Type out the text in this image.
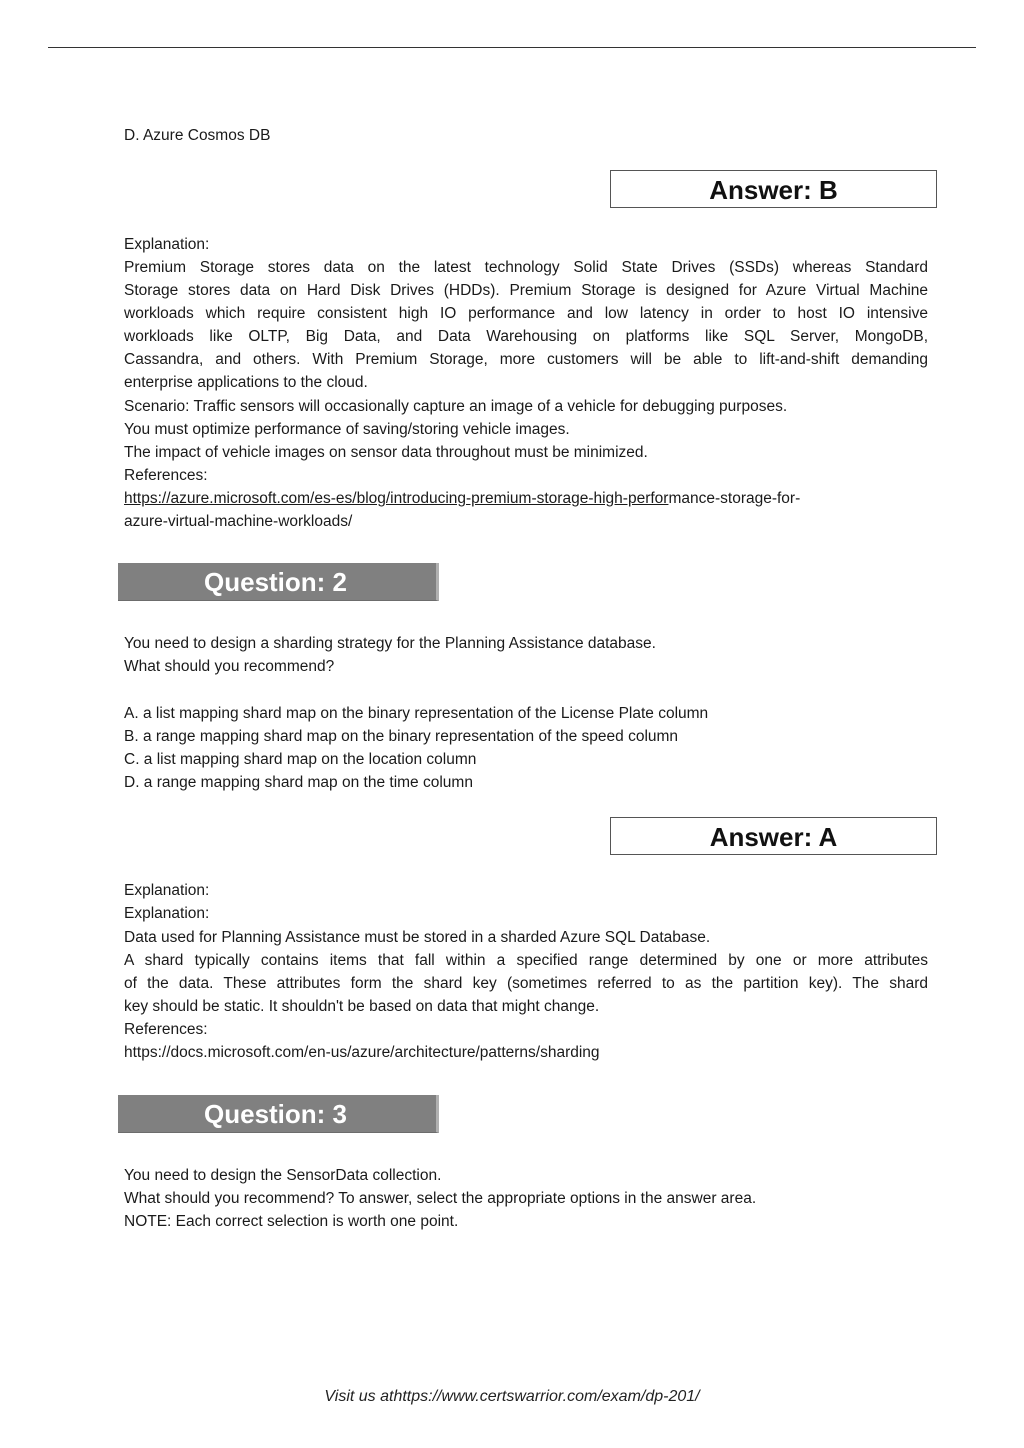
D. Azure Cosmos DB
Answer: B
Explanation:
Premium Storage stores data on the latest technology Solid State Drives (SSDs) whereas Standard
Storage stores data on Hard Disk Drives (HDDs). Premium Storage is designed for Azure Virtual Machine
workloads which require consistent high IO performance and low latency in order to host IO intensive
workloads like OLTP, Big Data, and Data Warehousing on platforms like SQL Server, MongoDB,
Cassandra, and others. With Premium Storage, more customers will be able to lift-and-shift demanding
enterprise applications to the cloud.
Scenario: Traffic sensors will occasionally capture an image of a vehicle for debugging purposes.
You must optimize performance of saving/storing vehicle images.
The impact of vehicle images on sensor data throughout must be minimized.
References:
https://azure.microsoft.com/es-es/blog/introducing-premium-storage-high-performance-storage-for-
azure-virtual-machine-workloads/
Question: 2
You need to design a sharding strategy for the Planning Assistance database.
What should you recommend?
A. a list mapping shard map on the binary representation of the License Plate column
B. a range mapping shard map on the binary representation of the speed column
C. a list mapping shard map on the location column
D. a range mapping shard map on the time column
Answer: A
Explanation:
Explanation:
Data used for Planning Assistance must be stored in a sharded Azure SQL Database.
A shard typically contains items that fall within a specified range determined by one or more attributes
of the data. These attributes form the shard key (sometimes referred to as the partition key). The shard
key should be static. It shouldn't be based on data that might change.
References:
https://docs.microsoft.com/en-us/azure/architecture/patterns/sharding
Question: 3
You need to design the SensorData collection.
What should you recommend? To answer, select the appropriate options in the answer area.
NOTE: Each correct selection is worth one point.
Visit us athttps://www.certswarrior.com/exam/dp-201/
